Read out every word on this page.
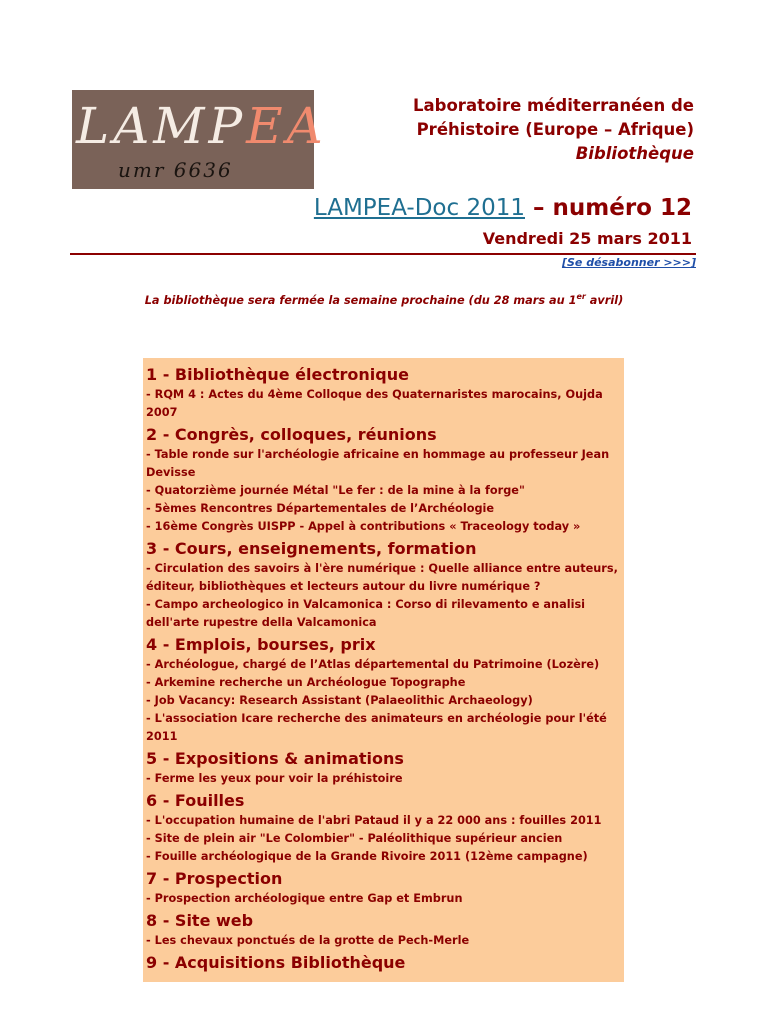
LAMPEA
umr 6636
Laboratoire méditerranéen de
Préhistoire (Europe – Afrique)
Bibliothèque
LAMPEA-Doc 2011 – numéro 12
Vendredi 25 mars 2011
[Se désabonner >>>]
La bibliothèque sera fermée la semaine prochaine (du 28 mars au 1er avril)
1 - Bibliothèque électronique
- RQM 4 : Actes du 4ème Colloque des Quaternaristes marocains, Oujda 2007
2 - Congrès, colloques, réunions
- Table ronde sur l'archéologie africaine en hommage au professeur Jean Devisse
- Quatorzième journée Métal "Le fer : de la mine à la forge"
- 5èmes Rencontres Départementales de l’Archéologie
- 16ème Congrès UISPP - Appel à contributions « Traceology today »
3 - Cours, enseignements, formation
- Circulation des savoirs à l'ère numérique : Quelle alliance entre auteurs, éditeur, bibliothèques et lecteurs autour du livre numérique ?
- Campo archeologico in Valcamonica : Corso di rilevamento e analisi dell'arte rupestre della Valcamonica
4 - Emplois, bourses, prix
- Archéologue, chargé de l’Atlas départemental du Patrimoine (Lozère)
- Arkemine recherche un Archéologue Topographe
- Job Vacancy: Research Assistant (Palaeolithic Archaeology)
- L'association Icare recherche des animateurs en archéologie pour l'été 2011
5 - Expositions & animations
- Ferme les yeux pour voir la préhistoire
6 - Fouilles
- L'occupation humaine de l'abri Pataud il y a 22 000 ans : fouilles 2011
- Site de plein air "Le Colombier" - Paléolithique supérieur ancien
- Fouille archéologique de la Grande Rivoire 2011 (12ème campagne)
7 - Prospection
- Prospection archéologique entre Gap et Embrun
8 - Site web
- Les chevaux ponctués de la grotte de Pech-Merle
9 - Acquisitions Bibliothèque
